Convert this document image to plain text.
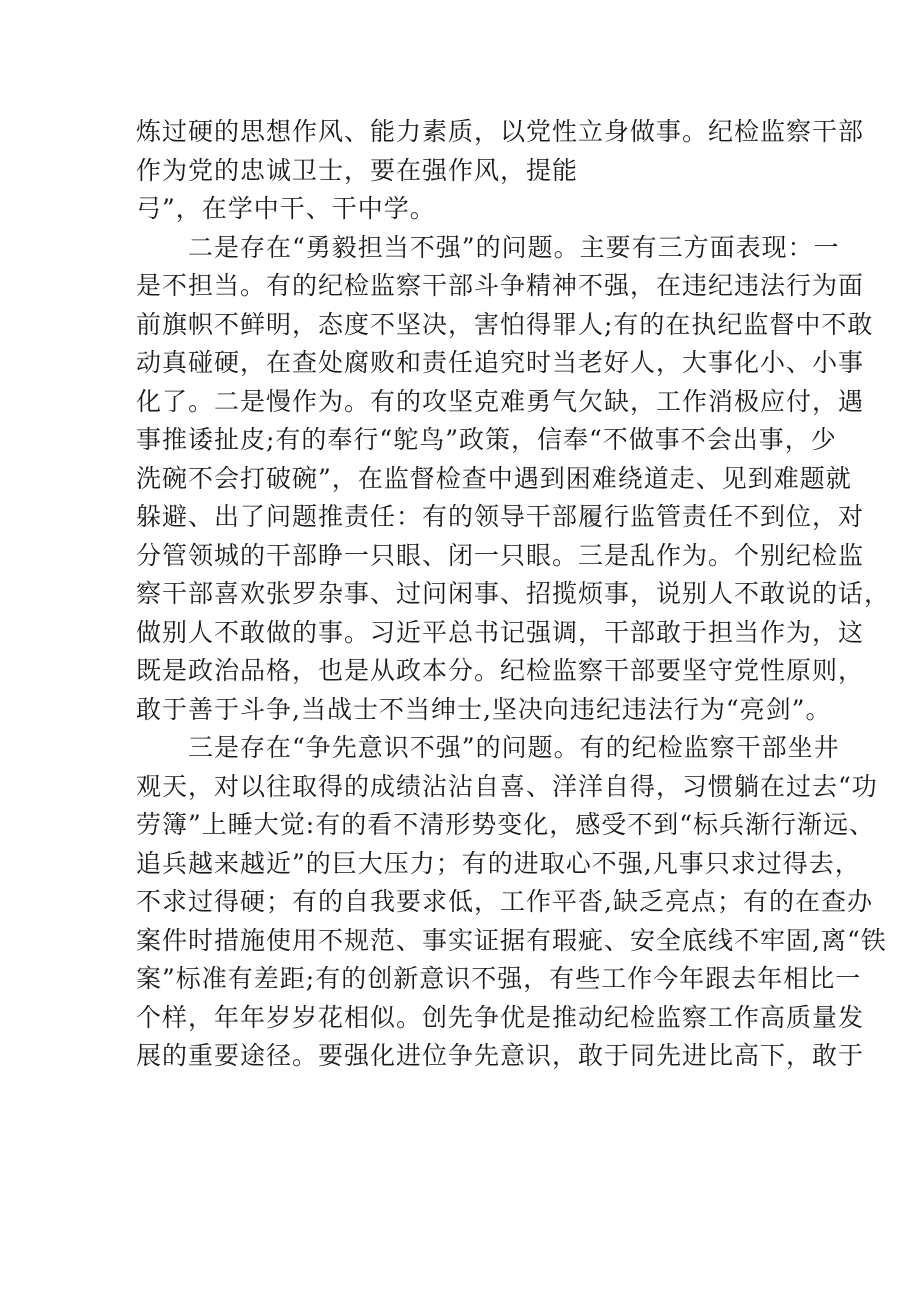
炼过硬的思想作风、能力素质，以党性立身做事。纪检监察干部
作为党的忠诚卫士，要在强作风，提能
弓”，在学中干、干中学。
　　二是存在“勇毅担当不强”的问题。主要有三方面表现：一
是不担当。有的纪检监察干部斗争精神不强，在违纪违法行为面
前旗帜不鲜明，态度不坚决，害怕得罪人;有的在执纪监督中不敢
动真碰硬，在查处腐败和责任追究时当老好人，大事化小、小事
化了。二是慢作为。有的攻坚克难勇气欠缺，工作消极应付，遇
事推诿扯皮;有的奉行“鸵鸟”政策，信奉“不做事不会出事，少
洗碗不会打破碗”，在监督检查中遇到困难绕道走、见到难题就
躲避、出了问题推责任：有的领导干部履行监管责任不到位，对
分管领城的干部睁一只眼、闭一只眼。三是乱作为。个别纪检监
察干部喜欢张罗杂事、过问闲事、招揽烦事，说别人不敢说的话，
做别人不敢做的事。习近平总书记强调，干部敢于担当作为，这
既是政治品格，也是从政本分。纪检监察干部要坚守党性原则，
敢于善于斗争,当战士不当绅士,坚决向违纪违法行为“亮剑”。
　　三是存在“争先意识不强”的问题。有的纪检监察干部坐井
观天，对以往取得的成绩沾沾自喜、洋洋自得，习惯躺在过去“功
劳簿”上睡大觉:有的看不清形势变化，感受不到“标兵渐行渐远、
追兵越来越近”的巨大压力；有的进取心不强,凡事只求过得去，
不求过得硬；有的自我要求低，工作平沓,缺乏亮点；有的在查办
案件时措施使用不规范、事实证据有瑕疵、安全底线不牢固,离“铁
案”标准有差距;有的创新意识不强，有些工作今年跟去年相比一
个样，年年岁岁花相似。创先争优是推动纪检监察工作高质量发
展的重要途径。要强化进位争先意识，敢于同先进比高下，敢于
